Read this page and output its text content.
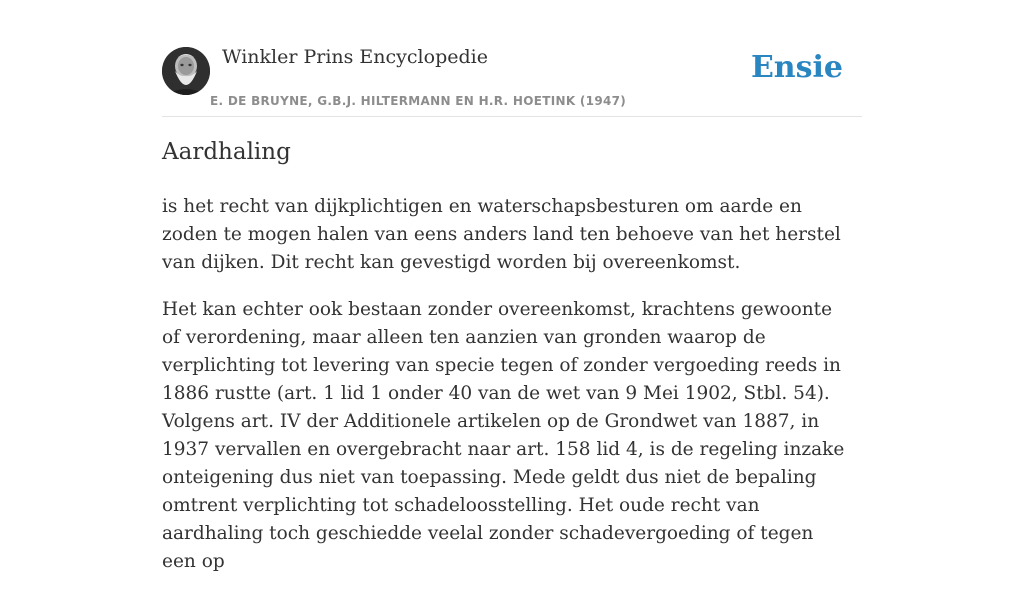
Winkler Prins Encyclopedie
E. DE BRUYNE, G.B.J. HILTERMANN EN H.R. HOETINK (1947)
Ensie
Aardhaling

is het recht van dijkplichtigen en waterschapsbesturen om aarde en zoden te mogen halen van eens anders land ten behoeve van het herstel van dijken. Dit recht kan gevestigd worden bij overeenkomst.

Het kan echter ook bestaan zonder overeenkomst, krachtens gewoonte of verordening, maar alleen ten aanzien van gronden waarop de verplichting tot levering van specie tegen of zonder vergoeding reeds in 1886 rustte (art. 1 lid 1 onder 40 van de wet van 9 Mei 1902, Stbl. 54). Volgens art. IV der Additionele artikelen op de Grondwet van 1887, in 1937 vervallen en overgebracht naar art. 158 lid 4, is de regeling inzake onteigening dus niet van toepassing. Mede geldt dus niet de bepaling omtrent verplichting tot schadeloosstelling. Het oude recht van aardhaling toch geschiedde veelal zonder schadevergoeding of tegen een op
